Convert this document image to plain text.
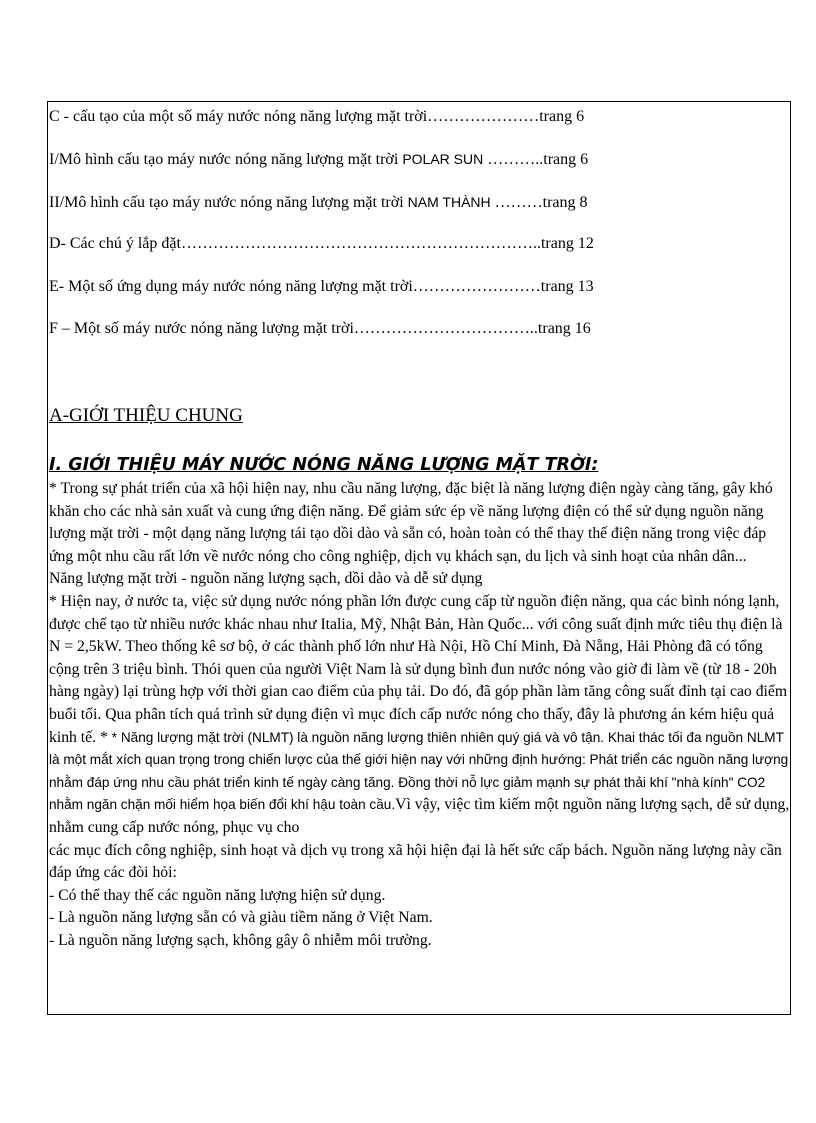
C - cấu tạo của một số máy nước nóng năng lượng mặt trời…………………trang 6
I/Mô hình cấu tạo máy nước nóng năng lượng mặt trời POLAR SUN ………..trang 6
II/Mô hình cấu tạo máy nước nóng năng lượng mặt trời NAM THÀNH ………trang 8
D- Các chú ý lắp đặt…………………………………………………………..trang 12
E- Một số ứng dụng máy nước nóng năng lượng mặt trời……………………trang 13
F – Một số máy nước nóng năng lượng mặt trời……………………………..trang 16
A-GIỚI THIỆU CHUNG
I. GIỚI THIỆU MÁY NƯỚC NÓNG NĂNG LƯỢNG MẶT TRỜI:

* Trong sự phát triển của xã hội hiện nay, nhu cầu năng lượng, đặc biệt là năng lượng điện ngày càng tăng, gây khó khăn cho các nhà sản xuất và cung ứng điện năng. Để giảm sức ép về năng lượng điện có thể sử dụng nguồn năng lượng mặt trời - một dạng năng lượng tái tạo dồi dào và sẵn có, hoàn toàn có thể thay thế điện năng trong việc đáp ứng một nhu cầu rất lớn về nước nóng cho công nghiệp, dịch vụ khách sạn, du lịch và sinh hoạt của nhân dân...

Năng lượng mặt trời - nguồn năng lượng sạch, dồi dào và dễ sử dụng

* Hiện nay, ở nước ta, việc sử dụng nước nóng phần lớn được cung cấp từ nguồn điện năng, qua các bình nóng lạnh, được chế tạo từ nhiều nước khác nhau như Italia, Mỹ, Nhật Bản, Hàn Quốc... với công suất định mức tiêu thụ điện là N = 2,5kW. Theo thống kê sơ bộ, ở các thành phố lớn như Hà Nội, Hồ Chí Minh, Đà Nẵng, Hải Phòng đã có tổng cộng trên 3 triệu bình. Thói quen của người Việt Nam là sử dụng bình đun nước nóng vào giờ đi làm về (từ 18 - 20h hàng ngày) lại trùng hợp với thời gian cao điểm của phụ tải. Do đó, đã góp phần làm tăng công suất đỉnh tại cao điểm buổi tối. Qua phân tích quá trình sử dụng điện vì mục đích cấp nước nóng cho thấy, đây là phương án kém hiệu quả kinh tế. * * Năng lượng mặt trời (NLMT) là nguồn năng lượng thiên nhiên quý giá và vô tận. Khai thác tối đa nguồn NLMT là một mắt xích quan trọng trong chiến lược của thế giới hiện nay với những định hướng: Phát triển các nguồn năng lượng nhằm đáp ứng nhu cầu phát triển kinh tế ngày càng tăng. Đồng thời nỗ lực giảm mạnh sự phát thải khí "nhà kính" CO2 nhằm ngăn chặn mối hiểm họa biến đổi khí hậu toàn cầu.Vì vậy, việc tìm kiếm một nguồn năng lượng sạch, dễ sử dụng, nhằm cung cấp nước nóng, phục vụ cho

các mục đích công nghiệp, sinh hoạt và dịch vụ trong xã hội hiện đại là hết sức cấp bách. Nguồn năng lượng này cần đáp ứng các đòi hỏi:

- Có thể thay thế các nguồn năng lượng hiện sử dụng.

- Là nguồn năng lượng sẵn có và giàu tiềm năng ở Việt Nam.

- Là nguồn năng lượng sạch, không gây ô nhiễm môi trường.
